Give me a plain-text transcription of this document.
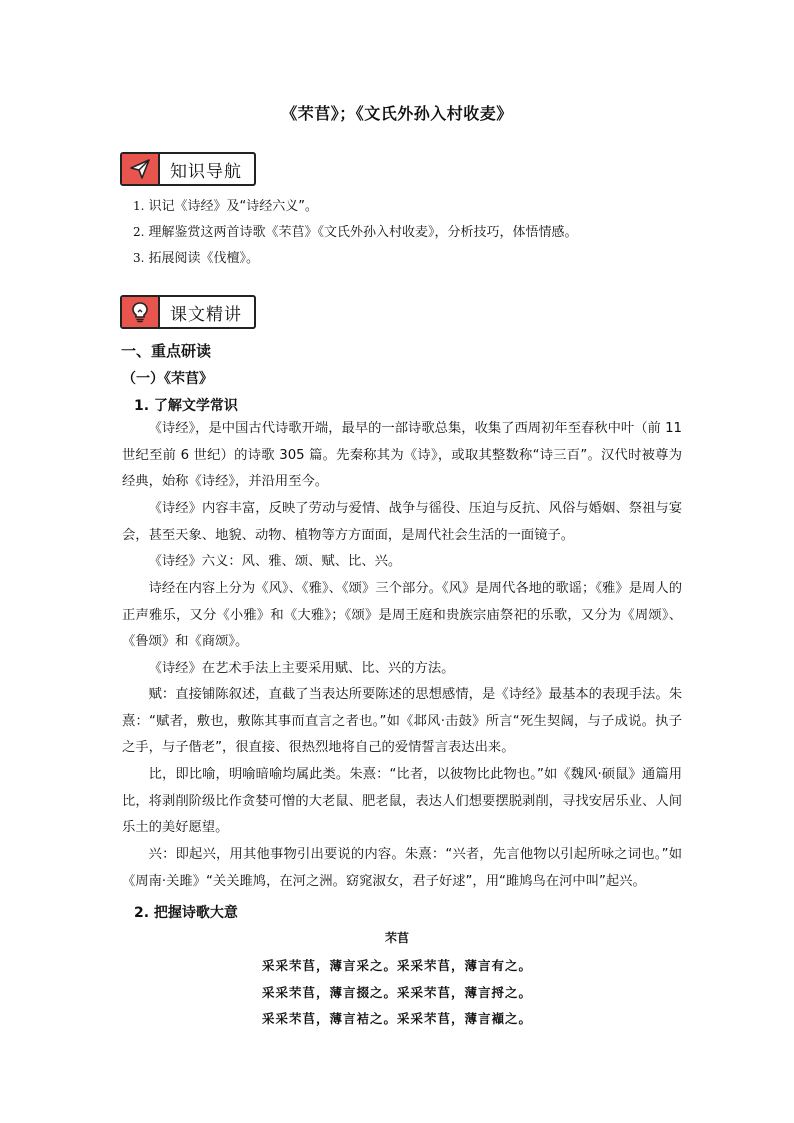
《芣苢》；《文氏外孙入村收麦》
知识导航
1. 识记《诗经》及“诗经六义”。
2. 理解鉴赏这两首诗歌《芣苢》《文氏外孙入村收麦》，分析技巧，体悟情感。
3. 拓展阅读《伐檀》。
课文精讲
一、重点研读
（一）《芣苢》
1. 了解文学常识

《诗经》，是中国古代诗歌开端，最早的一部诗歌总集，收集了西周初年至春秋中叶（前 11 世纪至前 6 世纪）的诗歌 305 篇。先秦称其为《诗》，或取其整数称“诗三百”。汉代时被尊为经典，始称《诗经》，并沿用至今。

《诗经》内容丰富，反映了劳动与爱情、战争与徭役、压迫与反抗、风俗与婚姻、祭祖与宴会，甚至天象、地貌、动物、植物等方方面面，是周代社会生活的一面镜子。

《诗经》六义：风、雅、颂、赋、比、兴。

诗经在内容上分为《风》、《雅》、《颂》三个部分。《风》是周代各地的歌谣；《雅》是周人的正声雅乐，又分《小雅》和《大雅》；《颂》是周王庭和贵族宗庙祭祀的乐歌，又分为《周颂》、《鲁颂》和《商颂》。

《诗经》在艺术手法上主要采用赋、比、兴的方法。

赋：直接铺陈叙述，直截了当表达所要陈述的思想感情，是《诗经》最基本的表现手法。朱熹：“赋者，敷也，敷陈其事而直言之者也。”如《邶风·击鼓》所言“死生契阔，与子成说。执子之手，与子偕老”，很直接、很热烈地将自己的爱情誓言表达出来。

比，即比喻，明喻暗喻均属此类。朱熹：“比者，以彼物比此物也。”如《魏风·硕鼠》通篇用比，将剥削阶级比作贪婪可憎的大老鼠、肥老鼠，表达人们想要摆脱剥削，寻找安居乐业、人间乐土的美好愿望。

兴：即起兴，用其他事物引出要说的内容。朱熹：“兴者，先言他物以引起所咏之词也。”如《周南·关雎》“关关雎鸠，在河之洲。窈窕淑女，君子好逑”，用“雎鸠鸟在河中叫”起兴。

2. 把握诗歌大意
芣苢
采采芣苢，薄言采之。采采芣苢，薄言有之。
采采芣苢，薄言掇之。采采芣苢，薄言捋之。
采采芣苢，薄言袺之。采采芣苢，薄言襭之。
